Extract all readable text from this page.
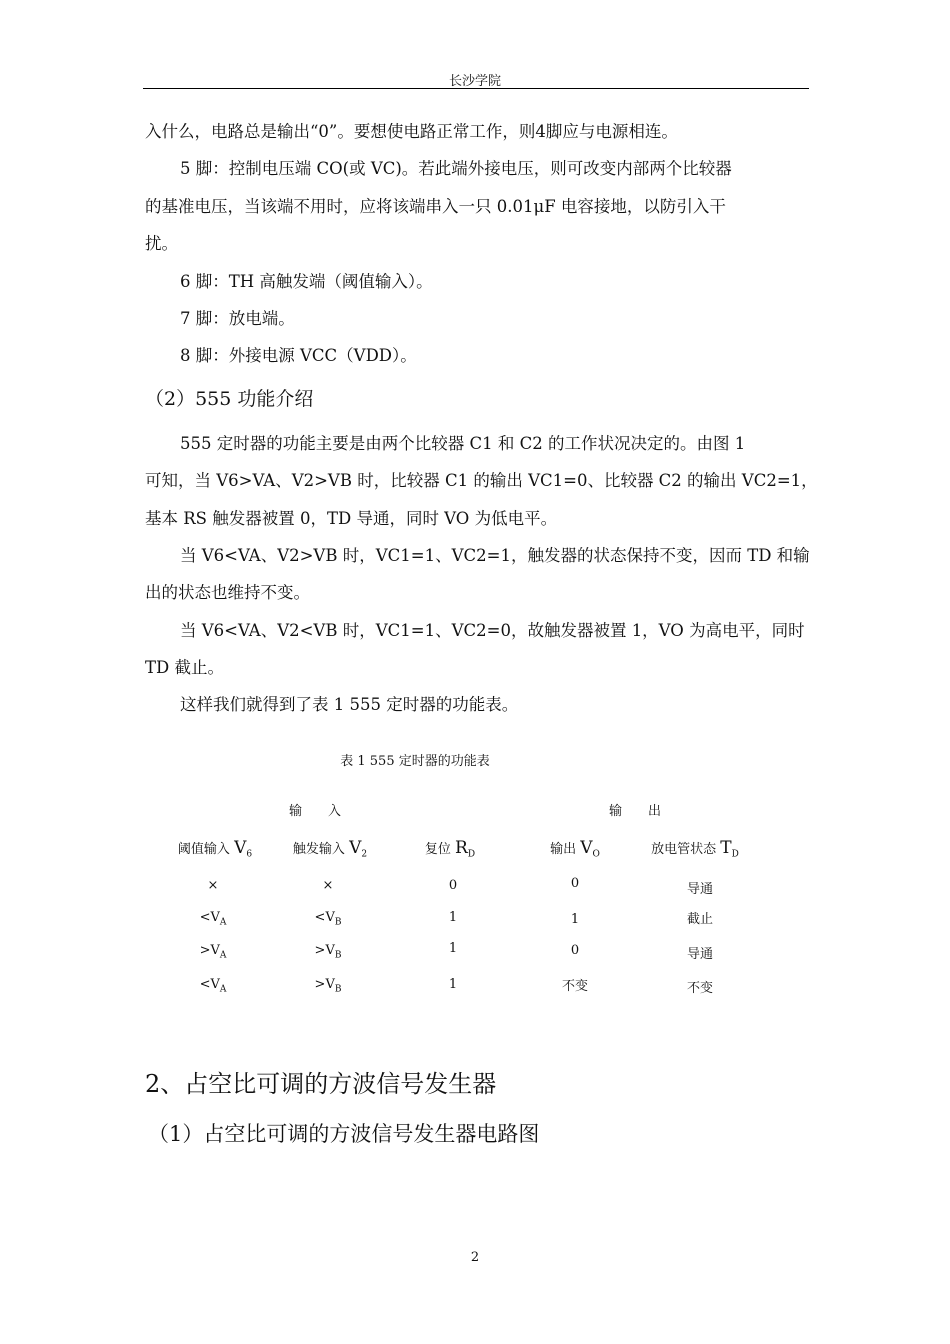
长沙学院
入什么，电路总是输出“0”。要想使电路正常工作，则4脚应与电源相连。
5 脚：控制电压端 CO(或 VC)。若此端外接电压，则可改变内部两个比较器
的基准电压，当该端不用时，应将该端串入一只 0.01μF 电容接地，以防引入干
扰。
6 脚：TH 高触发端（阈值输入）。
7 脚：放电端。
8 脚：外接电源 VCC（VDD）。
（2）555 功能介绍
555 定时器的功能主要是由两个比较器 C1 和 C2 的工作状况决定的。由图 1
可知，当 V6>VA、V2>VB 时，比较器 C1 的输出 VC1=0、比较器 C2 的输出 VC2=1，
基本 RS 触发器被置 0，TD 导通，同时 VO 为低电平。
当 V6<VA、V2>VB 时，VC1=1、VC2=1，触发器的状态保持不变，因而 TD 和输
出的状态也维持不变。
当 V6<VA、V2<VB 时，VC1=1、VC2=0，故触发器被置 1，VO 为高电平，同时
TD 截止。
这样我们就得到了表 1 555 定时器的功能表。
表 1 555 定时器的功能表
输　　入	输　　出
阈值输入 $V_6$	触发输入 $V_2$	复位 $R_D$	输出 $V_O$	放电管状态 $T_D$
×	×	0	0	导通
$<V_A$	$<V_B$	1	1	截止
$>V_A$	$>V_B$	1	0	导通
$<V_A$	$>V_B$	1	不变	不变
2、占空比可调的方波信号发生器
（1）占空比可调的方波信号发生器电路图
2
